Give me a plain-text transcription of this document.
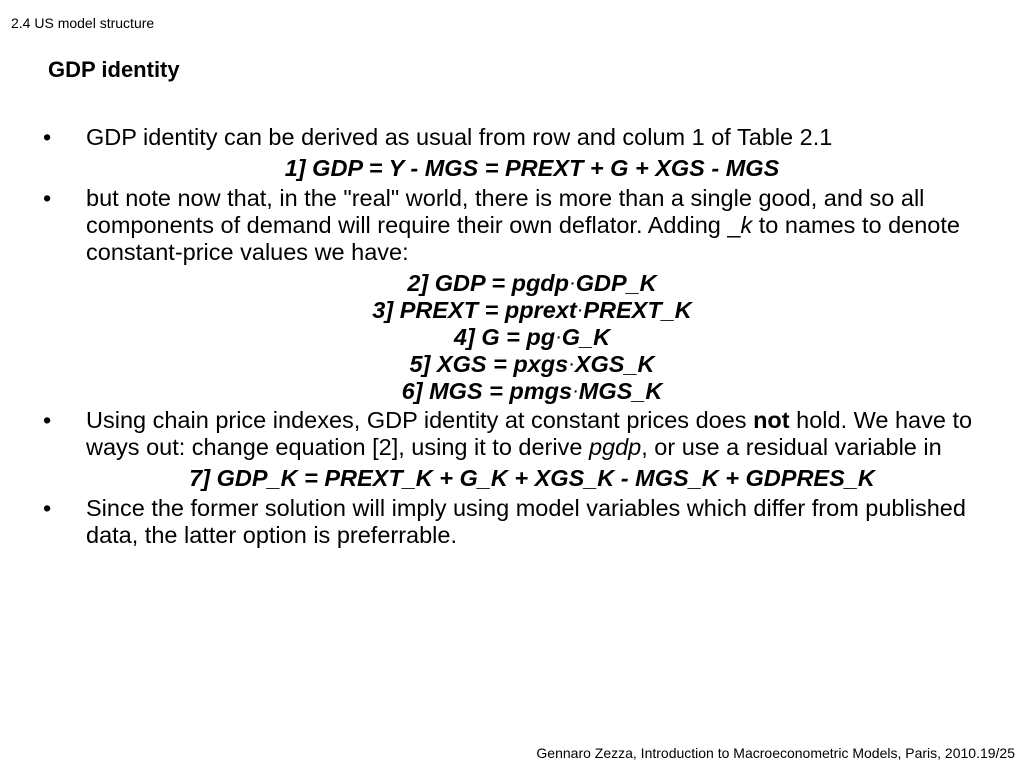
2.4 US model structure
GDP identity
• GDP identity can be derived as usual from row and colum 1 of Table 2.1
1] GDP = Y - MGS = PREXT + G + XGS - MGS
• but note now that, in the "real" world, there is more than a single good, and so all components of demand will require their own deflator. Adding _k to names to denote constant-price values we have:
2] GDP = pgdp·GDP_K
3] PREXT = pprext·PREXT_K
4] G = pg·G_K
5] XGS = pxgs·XGS_K
6] MGS = pmgs·MGS_K
• Using chain price indexes, GDP identity at constant prices does not hold. We have to ways out: change equation [2], using it to derive pgdp, or use a residual variable in
7] GDP_K = PREXT_K + G_K + XGS_K - MGS_K + GDPRES_K
• Since the former solution will imply using model variables which differ from published data, the latter option is preferrable.
Gennaro Zezza, Introduction to Macroeconometric Models, Paris, 2010.19/25
